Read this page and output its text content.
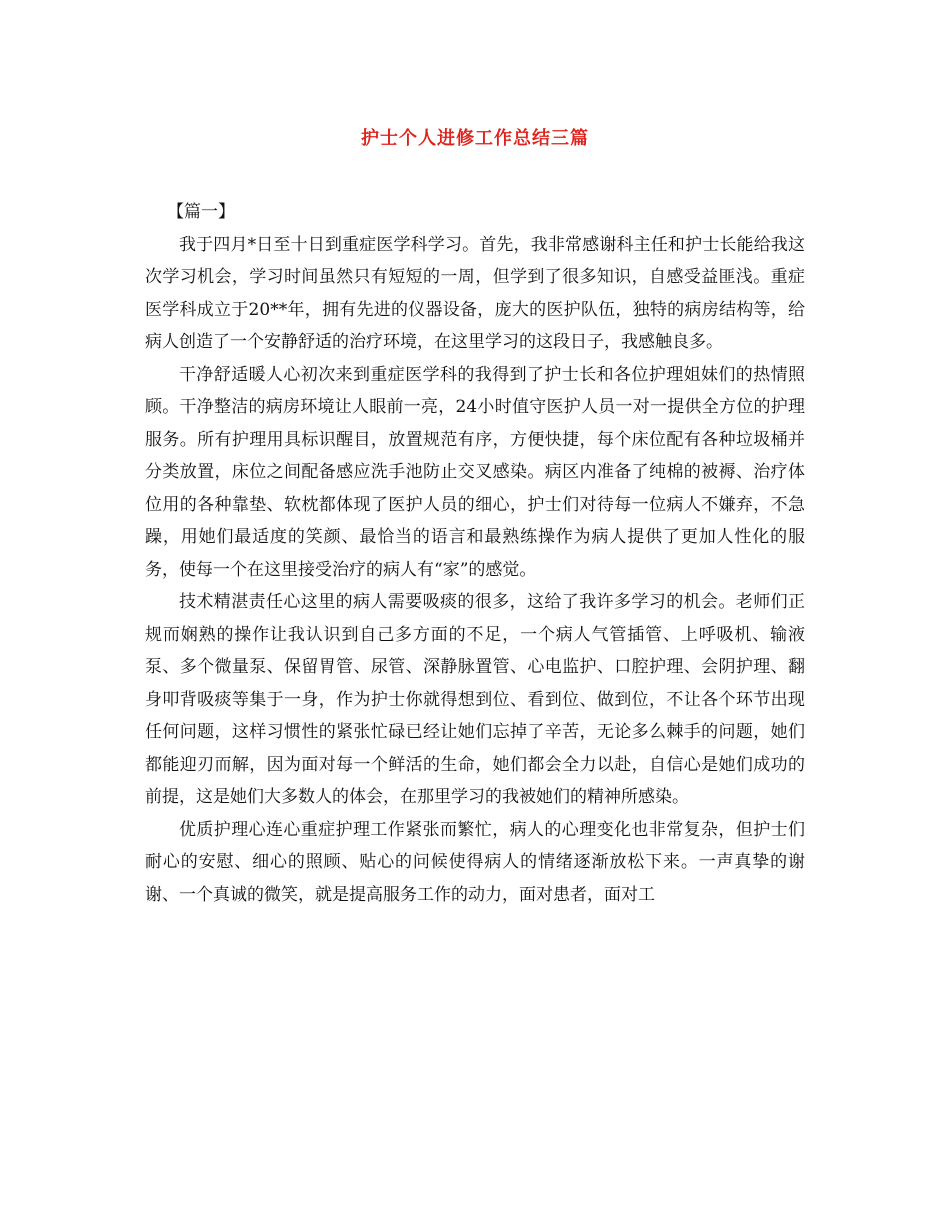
护士个人进修工作总结三篇

【篇一】

我于四月*日至十日到重症医学科学习。首先，我非常感谢科主任和护士长能给我这次学习机会，学习时间虽然只有短短的一周，但学到了很多知识，自感受益匪浅。重症医学科成立于20**年，拥有先进的仪器设备，庞大的医护队伍，独特的病房结构等，给病人创造了一个安静舒适的治疗环境，在这里学习的这段日子，我感触良多。

干净舒适暖人心初次来到重症医学科的我得到了护士长和各位护理姐妹们的热情照顾。干净整洁的病房环境让人眼前一亮，24小时值守医护人员一对一提供全方位的护理服务。所有护理用具标识醒目，放置规范有序，方便快捷，每个床位配有各种垃圾桶并分类放置，床位之间配备感应洗手池防止交叉感染。病区内准备了纯棉的被褥、治疗体位用的各种靠垫、软枕都体现了医护人员的细心，护士们对待每一位病人不嫌弃，不急躁，用她们最适度的笑颜、最恰当的语言和最熟练操作为病人提供了更加人性化的服务，使每一个在这里接受治疗的病人有“家”的感觉。

技术精湛责任心这里的病人需要吸痰的很多，这给了我许多学习的机会。老师们正规而娴熟的操作让我认识到自己多方面的不足，一个病人气管插管、上呼吸机、输液泵、多个微量泵、保留胃管、尿管、深静脉置管、心电监护、口腔护理、会阴护理、翻身叩背吸痰等集于一身，作为护士你就得想到位、看到位、做到位，不让各个环节出现任何问题，这样习惯性的紧张忙碌已经让她们忘掉了辛苦，无论多么棘手的问题，她们都能迎刃而解，因为面对每一个鲜活的生命，她们都会全力以赴，自信心是她们成功的前提，这是她们大多数人的体会，在那里学习的我被她们的精神所感染。

优质护理心连心重症护理工作紧张而繁忙，病人的心理变化也非常复杂，但护士们耐心的安慰、细心的照顾、贴心的问候使得病人的情绪逐渐放松下来。一声真挚的谢谢、一个真诚的微笑，就是提高服务工作的动力，面对患者，面对工
